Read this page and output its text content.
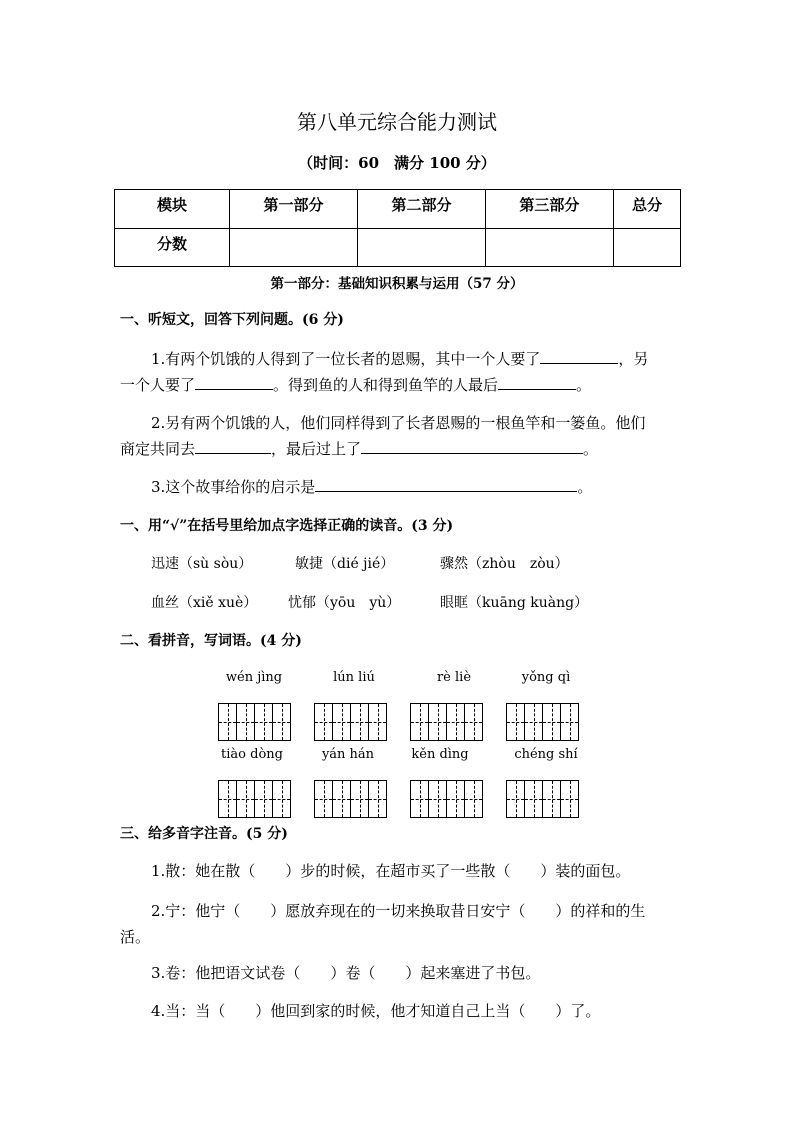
第八单元综合能力测试
（时间：60　满分 100 分）
模块	第一部分	第二部分	第三部分	总分
分数				
第一部分：基础知识积累与运用（57 分）
一、听短文，回答下列问题。(6 分)
1.有两个饥饿的人得到了一位长者的恩赐，其中一个人要了	，另
一个人要了	。得到鱼的人和得到鱼竿的人最后	。
2.另有两个饥饿的人，他们同样得到了长者恩赐的一根鱼竿和一篓鱼。他们
商定共同去	，最后过上了	。
3.这个故事给你的启示是	。
一、用“√”在括号里给加点字选择正确的读音。(3 分)
迅速（sù sòu）	敏捷（dié jié）	骤然（zhòu　zòu）
血丝（xiě xuè） 忧郁（yōu　yù）	眼眶（kuāng kuàng）
二、看拼音，写词语。(4 分)
wén jìng	lún liú	rè liè	yǒng qì
tiào dòng	yán hán	kěn dìng	chéng shí
三、给多音字注音。(5 分)
1.散：她在散（　　）步的时候，在超市买了一些散（　　）装的面包。
2.宁：他宁（　　）愿放弃现在的一切来换取昔日安宁（　　）的祥和的生
活。
3.卷：他把语文试卷（　　）卷（　　）起来塞进了书包。
4.当：当（　　）他回到家的时候，他才知道自己上当（　　）了。
